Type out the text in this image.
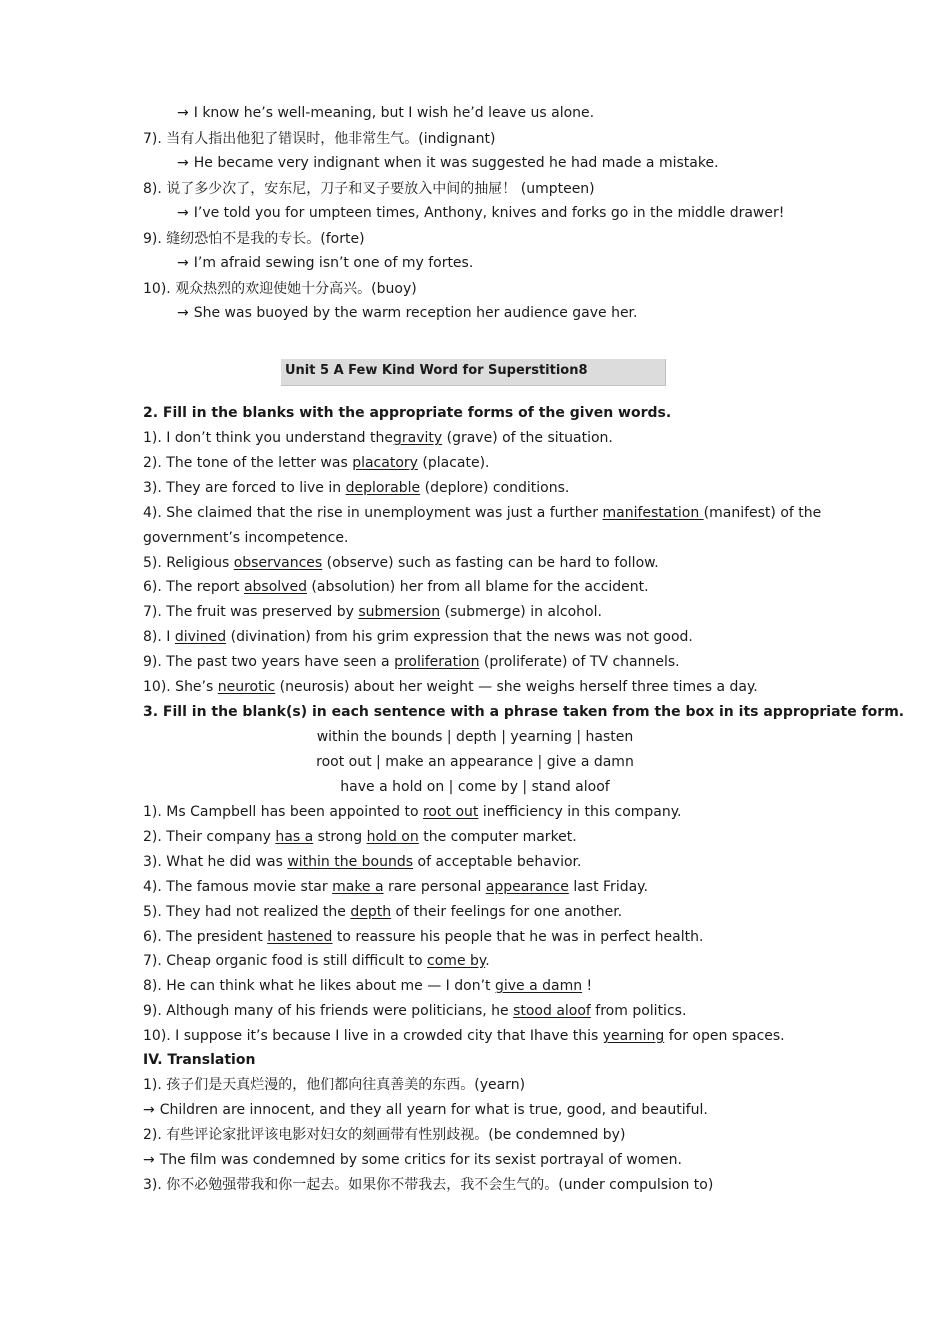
→ I know he’s well-meaning, but I wish he’d leave us alone.
7). 当有人指出他犯了错误时，他非常生气。(indignant)
→ He became very indignant when it was suggested he had made a mistake.
8). 说了多少次了，安东尼，刀子和叉子要放入中间的抽屉！ (umpteen)
→ I’ve told you for umpteen times, Anthony, knives and forks go in the middle drawer!
9). 缝纫恐怕不是我的专长。(forte)
→ I’m afraid sewing isn’t one of my fortes.
10). 观众热烈的欢迎使她十分高兴。(buoy)
→ She was buoyed by the warm reception her audience gave her.
Unit 5 A Few Kind Word for Superstition8
2. Fill in the blanks with the appropriate forms of the given words.
1). I don’t think you understand thegravity (grave) of the situation.
2). The tone of the letter was placatory (placate).
3). They are forced to live in deplorable (deplore) conditions.
4). She claimed that the rise in unemployment was just a further manifestation (manifest) of the
government’s incompetence.
5). Religious observances (observe) such as fasting can be hard to follow.
6). The report absolved (absolution) her from all blame for the accident.
7). The fruit was preserved by submersion (submerge) in alcohol.
8). I divined (divination) from his grim expression that the news was not good.
9). The past two years have seen a proliferation (proliferate) of TV channels.
10). She’s neurotic (neurosis) about her weight — she weighs herself three times a day.
3. Fill in the blank(s) in each sentence with a phrase taken from the box in its appropriate form.
within the bounds | depth | yearning | hasten
root out | make an appearance | give a damn
have a hold on | come by | stand aloof
1). Ms Campbell has been appointed to root out inefficiency in this company.
2). Their company has a strong hold on the computer market.
3). What he did was within the bounds of acceptable behavior.
4). The famous movie star make a rare personal appearance last Friday.
5). They had not realized the depth of their feelings for one another.
6). The president hastened to reassure his people that he was in perfect health.
7). Cheap organic food is still difficult to come by.
8). He can think what he likes about me — I don’t give a damn !
9). Although many of his friends were politicians, he stood aloof from politics.
10). I suppose it’s because I live in a crowded city that Ihave this yearning for open spaces.
IV. Translation
1). 孩子们是天真烂漫的，他们都向往真善美的东西。(yearn)
→ Children are innocent, and they all yearn for what is true, good, and beautiful.
2). 有些评论家批评该电影对妇女的刻画带有性别歧视。(be condemned by)
→ The film was condemned by some critics for its sexist portrayal of women.
3). 你不必勉强带我和你一起去。如果你不带我去，我不会生气的。(under compulsion to)
